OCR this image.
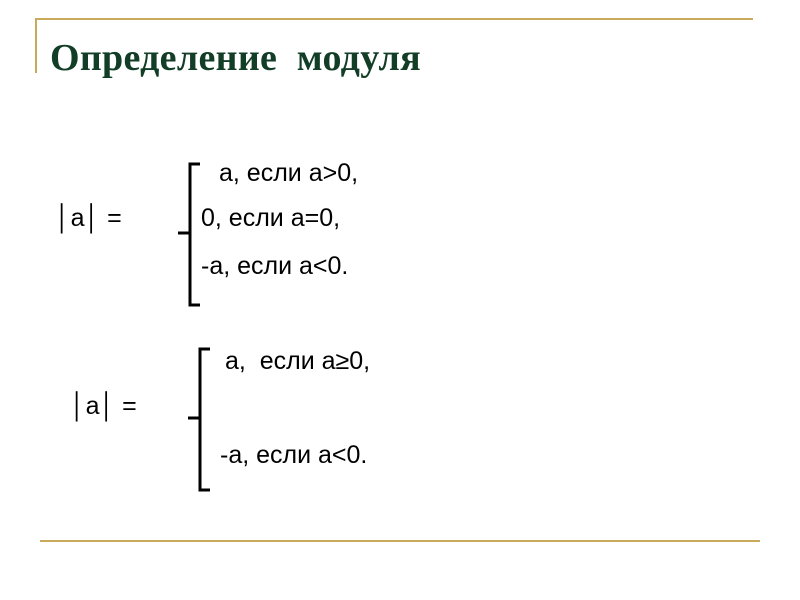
Определение  модуля
│a│ =
a, если a>0,
0, если a=0,
-a, если a<0.
│a│ =
a,  если a≥0,
-a, если a<0.
